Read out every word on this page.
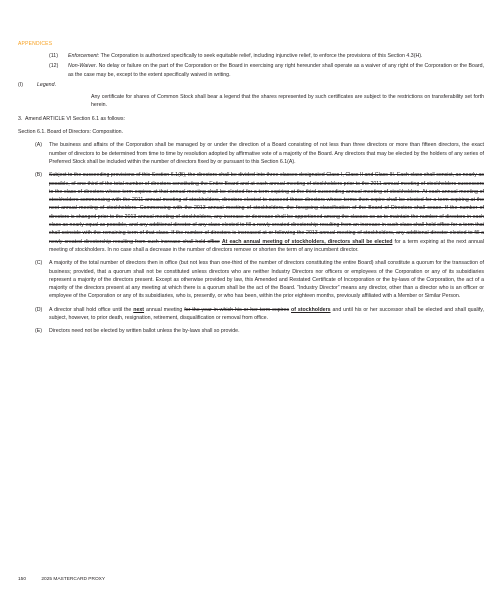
APPENDICES
(11) Enforcement: The Corporation is authorized specifically to seek equitable relief, including injunctive relief, to enforce the provisions of this Section 4.3(H).
(12) Non-Waiver. No delay or failure on the part of the Corporation or the Board in exercising any right hereunder shall operate as a waiver of any right of the Corporation or the Board, as the case may be, except to the extent specifically waived in writing.
(I)	Legend.
Any certificate for shares of Common Stock shall bear a legend that the shares represented by such certificates are subject to the restrictions on transferability set forth herein.
3. Amend ARTICLE VI Section 6.1 as follows:
Section 6.1. Board of Directors: Composition.
(A) The business and affairs of the Corporation shall be managed by or under the direction of a Board consisting of not less than three directors or more than fifteen directors, the exact number of directors to be determined from time to time by resolution adopted by affirmative vote of a majority of the Board. Any directors that may be elected by the holders of any series of Preferred Stock shall be included within the number of directors fixed by or pursuant to this Section 6.1(A).
(B) Subject to the succeeding provisions of this Section 6.1(B), the directors shall be divided into three classes designated Class I, Class II and Class III. Each class shall consist, as nearly as possible, of one third of the total number of directors constituting the Entire Board and at each annual meeting of stockholders prior to the 2011 annual meeting of stockholders successors to the class of directors whose term expires at that annual meeting shall be elected for a term expiring at the third succeeding annual meeting of stockholders. At each annual meeting of stockholders commencing with the 2011 annual meeting of stockholders, directors elected to succeed those directors whose terms then expire shall be elected for a term expiring at the next annual meeting of stockholders. Commencing with the 2013 annual meeting of stockholders, the foregoing classification of the Board of Directors shall cease. If the number of directors is changed prior to the 2013 annual meeting of stockholders, any increase or decrease shall be apportioned among the classes so as to maintain the number of directors in each class as nearly equal as possible, and any additional director of any class elected to fill a newly created directorship resulting from an increase in such class shall hold office for a term that shall coincide with the remaining term of that class. If the number of directors is increased at or following the 2013 annual meeting of stockholders, any additional director elected to fill a newly created directorship resulting from such increase shall hold office At each annual meeting of stockholders, directors shall be elected for a term expiring at the next annual meeting of stockholders. In no case shall a decrease in the number of directors remove or shorten the term of any incumbent director.
(C) A majority of the total number of directors then in office (but not less than one-third of the number of directors constituting the entire Board) shall constitute a quorum for the transaction of business; provided, that a quorum shall not be constituted unless directors who are neither Industry Directors nor officers or employees of the Corporation or any of its subsidiaries represent a majority of the directors present. Except as otherwise provided by law, this Amended and Restated Certificate of Incorporation or the by-laws of the Corporation, the act of a majority of the directors present at any meeting at which there is a quorum shall be the act of the Board. “Industry Director” means any director, other than a director who is an officer or employee of the Corporation or any of its subsidiaries, who is, presently, or who has been, within the prior eighteen months, previously affiliated with a Member or Similar Person.
(D) A director shall hold office until the next annual meeting for the year in which his or her term expires of stockholders and until his or her successor shall be elected and shall qualify, subject, however, to prior death, resignation, retirement, disqualification or removal from office.
(E) Directors need not be elected by written ballot unless the by-laws shall so provide.
150	2025 MASTERCARD PROXY
